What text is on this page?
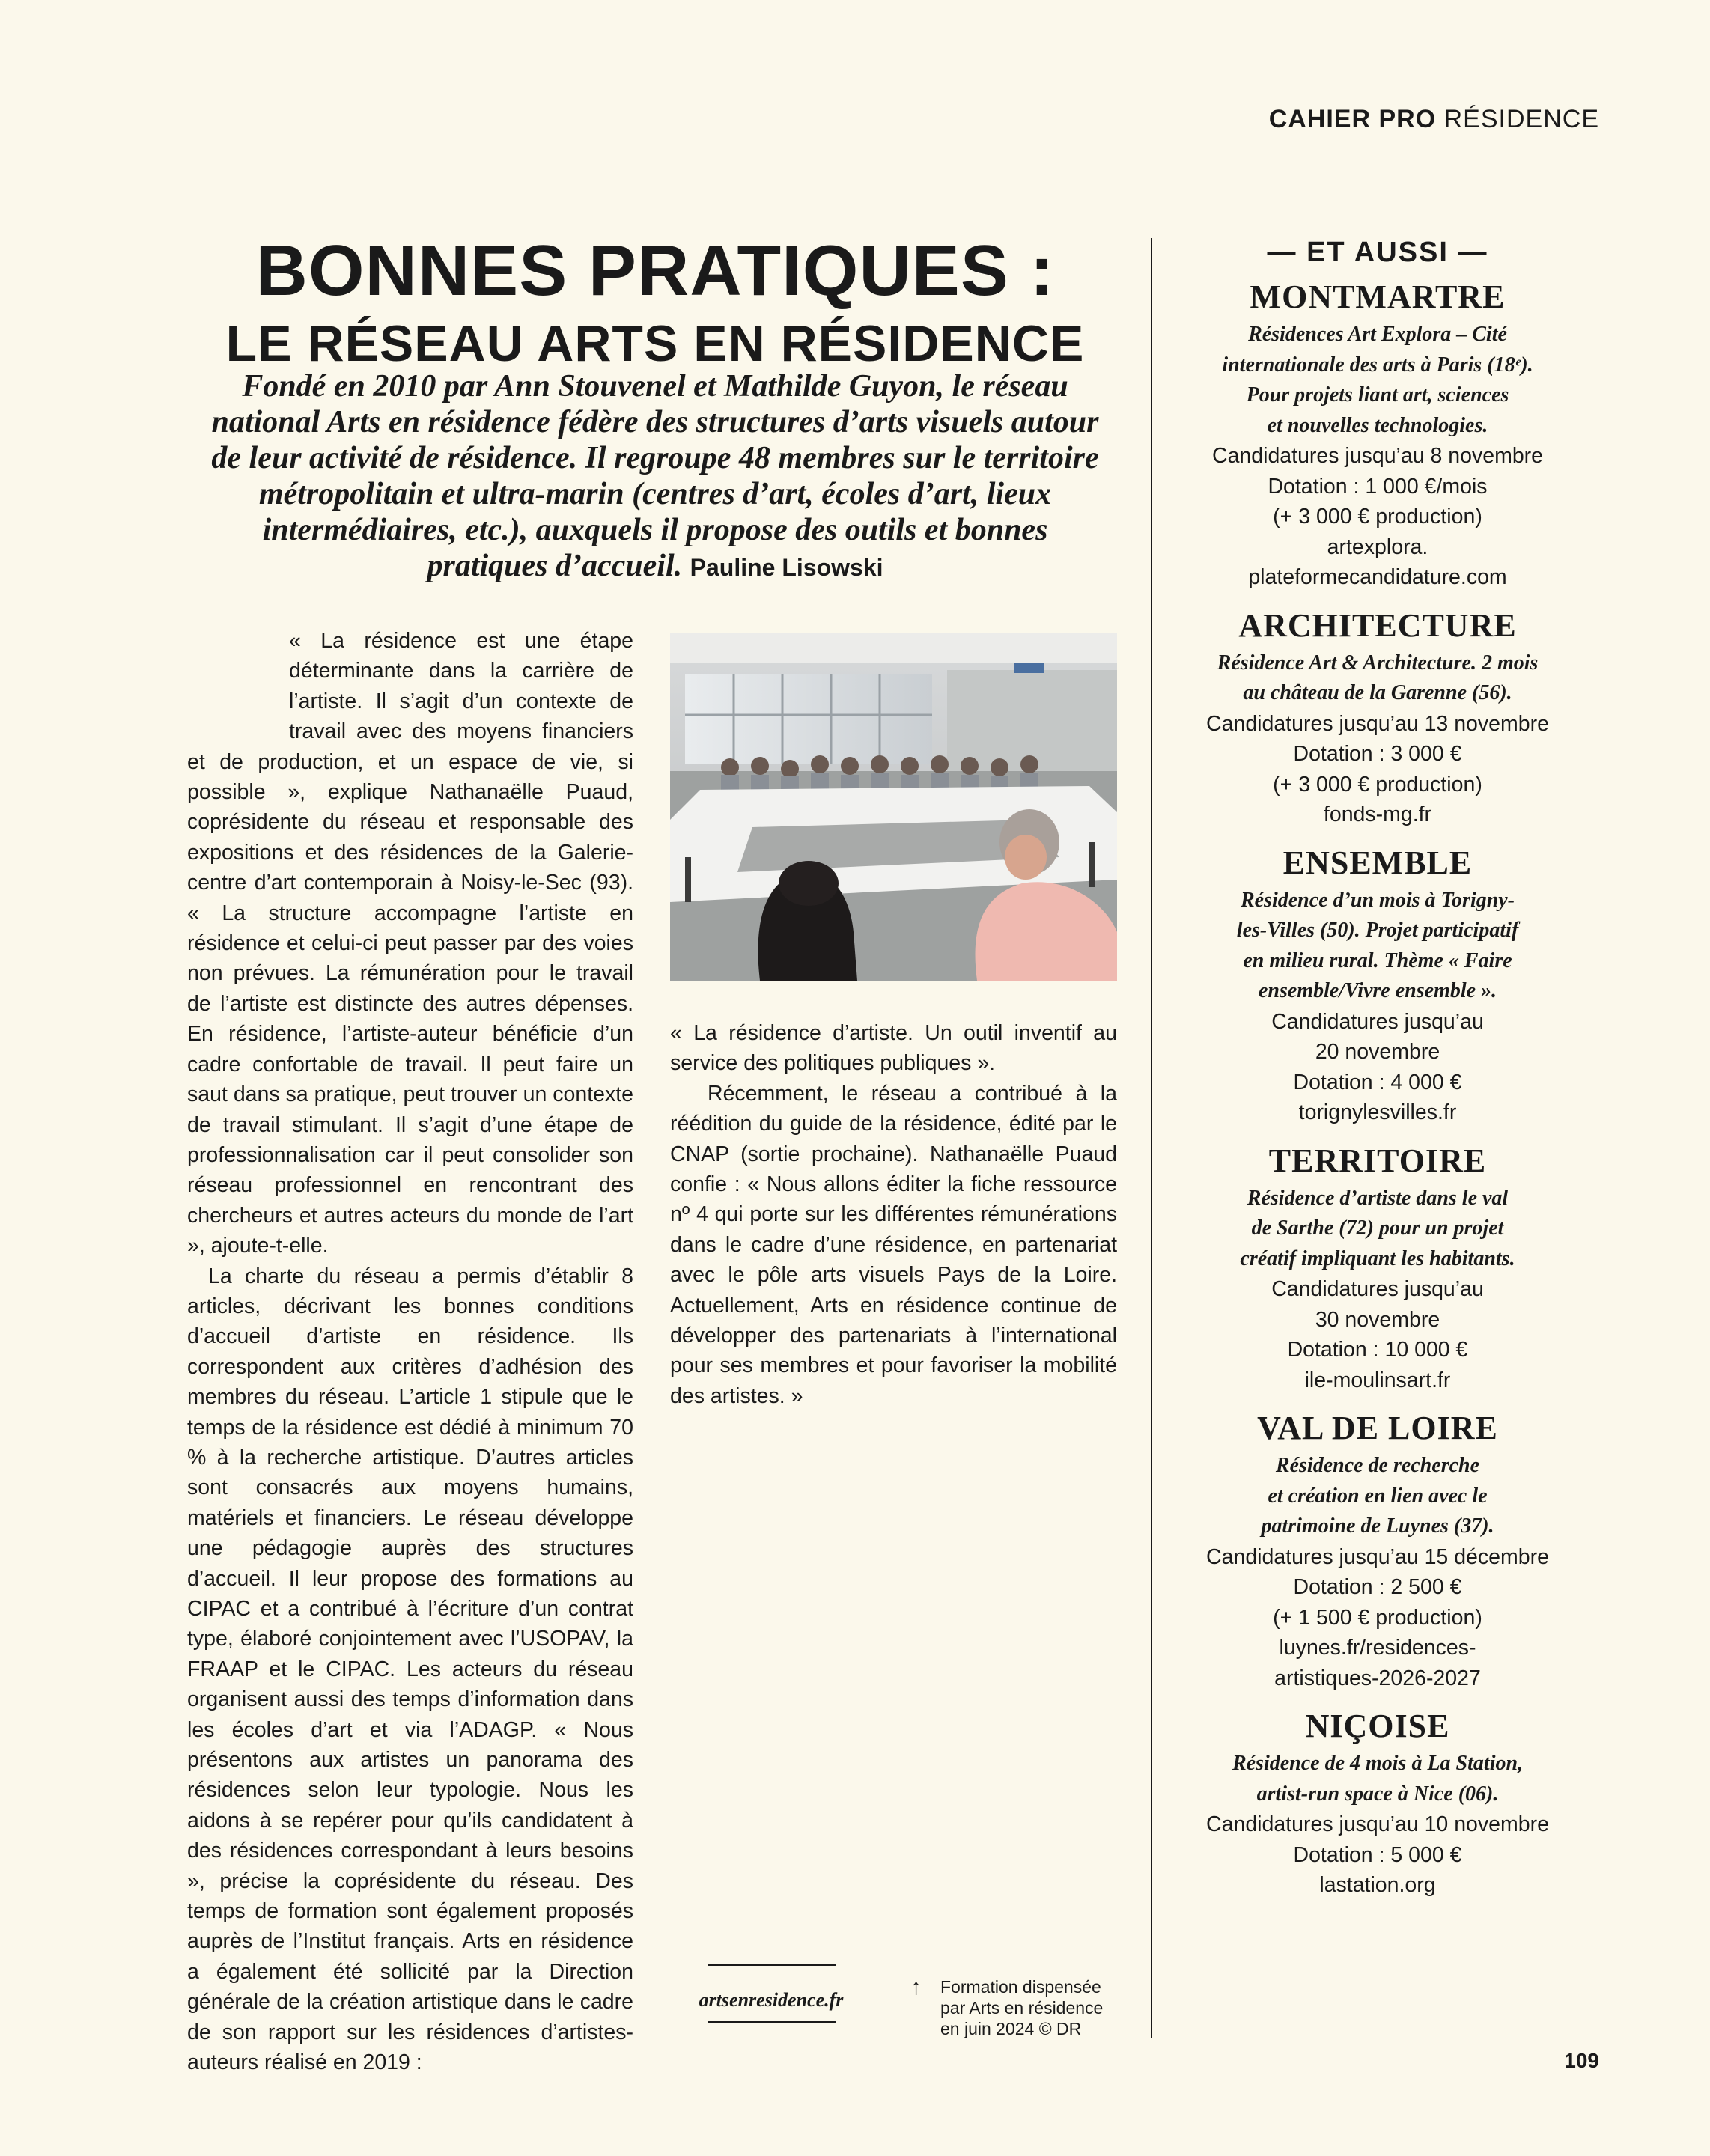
CAHIER PRO RÉSIDENCE
BONNES PRATIQUES :
LE RÉSEAU ARTS EN RÉSIDENCE
Fondé en 2010 par Ann Stouvenel et Mathilde Guyon, le réseau national Arts en résidence fédère des structures d’arts visuels autour de leur activité de résidence. Il regroupe 48 membres sur le territoire métropolitain et ultra-marin (centres d’art, écoles d’art, lieux intermédiaires, etc.), auxquels il propose des outils et bonnes pratiques d’accueil. Pauline Lisowski

« La résidence est une étape déterminante dans la carrière de l’artiste. Il s’agit d’un contexte de travail avec des moyens financiers et de production, et un espace de vie, si possible », explique Nathanaëlle Puaud, coprésidente du réseau et responsable des expositions et des résidences de la Galerie-centre d’art contemporain à Noisy-le-Sec (93). « La structure accompagne l’artiste en résidence et celui-ci peut passer par des voies non prévues. La rémunération pour le travail de l’artiste est distincte des autres dépenses. En résidence, l’artiste-auteur bénéficie d’un cadre confortable de travail. Il peut faire un saut dans sa pratique, peut trouver un contexte de travail stimulant. Il s’agit d’une étape de professionnalisation car il peut consolider son réseau professionnel en rencontrant des chercheurs et autres acteurs du monde de l’art », ajoute-t-elle.

La charte du réseau a permis d’établir 8 articles, décrivant les bonnes conditions d’accueil d’artiste en résidence. Ils correspondent aux critères d’adhésion des membres du réseau. L’article 1 stipule que le temps de la résidence est dédié à minimum 70 % à la recherche artistique. D’autres articles sont consacrés aux moyens humains, matériels et financiers. Le réseau développe une pédagogie auprès des structures d’accueil. Il leur propose des formations au CIPAC et a contribué à l’écriture d’un contrat type, élaboré conjointement avec l’USOPAV, la FRAAP et le CIPAC. Les acteurs du réseau organisent aussi des temps d’information dans les écoles d’art et via l’ADAGP. « Nous présentons aux artistes un panorama des résidences selon leur typologie. Nous les aidons à se repérer pour qu’ils candidatent à des résidences correspondant à leurs besoins », précise la coprésidente du réseau. Des temps de formation sont également proposés auprès de l’Institut français. Arts en résidence a également été sollicité par la Direction générale de la création artistique dans le cadre de son rapport sur les résidences d’artistes-auteurs réalisé en 2019 :

« La résidence d’artiste. Un outil inventif au service des politiques publiques ».

Récemment, le réseau a contribué à la réédition du guide de la résidence, édité par le CNAP (sortie prochaine). Nathanaëlle Puaud confie : « Nous allons éditer la fiche ressource nº 4 qui porte sur les différentes rémunérations dans le cadre d’une résidence, en partenariat avec le pôle arts visuels Pays de la Loire. Actuellement, Arts en résidence continue de développer des partenariats à l’international pour ses membres et pour favoriser la mobilité des artistes. »

artsenresidence.fr
↑ Formation dispensée par Arts en résidence en juin 2024 © DR
— ET AUSSI —
MONTMARTRE
Résidences Art Explora – Cité
internationale des arts à Paris (18ᵉ).
Pour projets liant art, sciences
et nouvelles technologies.
Candidatures jusqu’au 8 novembre
Dotation : 1 000 €/mois
(+ 3 000 € production)
artexplora.
plateformecandidature.com
ARCHITECTURE
Résidence Art & Architecture. 2 mois
au château de la Garenne (56).
Candidatures jusqu’au 13 novembre
Dotation : 3 000 €
(+ 3 000 € production)
fonds-mg.fr
ENSEMBLE
Résidence d’un mois à Torigny-
les-Villes (50). Projet participatif
en milieu rural. Thème « Faire
ensemble/Vivre ensemble ».
Candidatures jusqu’au
20 novembre
Dotation : 4 000 €
torignylesvilles.fr
TERRITOIRE
Résidence d’artiste dans le val
de Sarthe (72) pour un projet
créatif impliquant les habitants.
Candidatures jusqu’au
30 novembre
Dotation : 10 000 €
ile-moulinsart.fr
VAL DE LOIRE
Résidence de recherche
et création en lien avec le
patrimoine de Luynes (37).
Candidatures jusqu’au 15 décembre
Dotation : 2 500 €
(+ 1 500 € production)
luynes.fr/residences-
artistiques-2026-2027
NIÇOISE
Résidence de 4 mois à La Station,
artist-run space à Nice (06).
Candidatures jusqu’au 10 novembre
Dotation : 5 000 €
lastation.org
109
